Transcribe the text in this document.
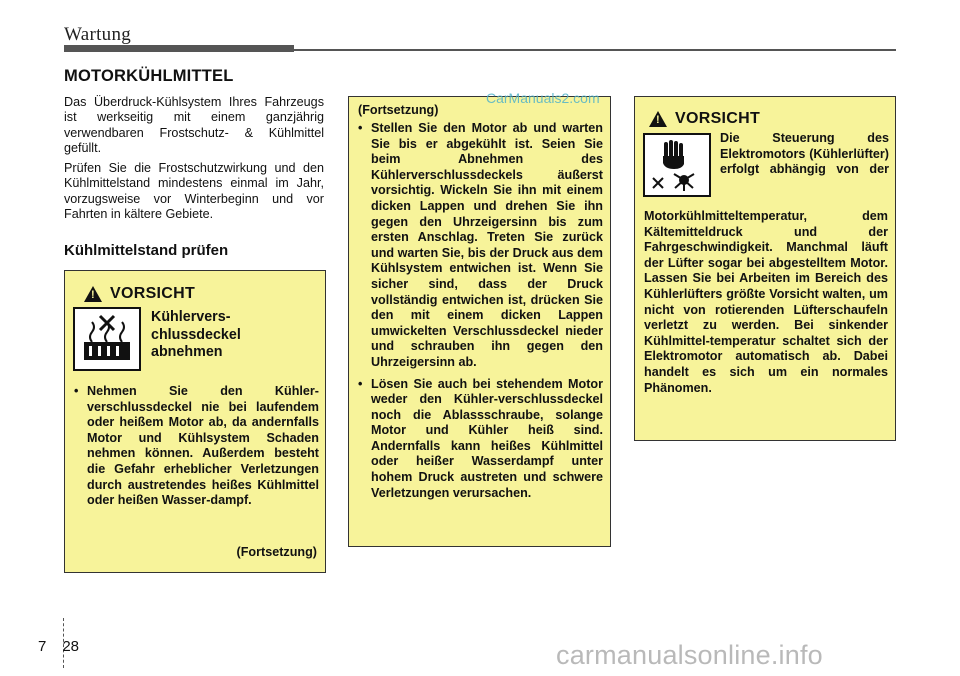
Wartung
MOTORKÜHLMITTEL

Das Überdruck-Kühlsystem Ihres Fahrzeugs ist werkseitig mit einem ganzjährig verwendbaren Frostschutz- & Kühlmittel gefüllt.

Prüfen Sie die Frostschutzwirkung und den Kühlmittelstand mindestens einmal im Jahr, vorzugsweise vor Winterbeginn und vor Fahrten in kältere Gebiete.

Kühlmittelstand prüfen
!
VORSICHT
Kühlervers-chlussdeckel abnehmen
• Nehmen Sie den Kühler-verschlussdeckel nie bei laufendem oder heißem Motor ab, da andernfalls Motor und Kühlsystem Schaden nehmen können. Außerdem besteht die Gefahr erheblicher Verletzungen durch austretendes heißes Kühlmittel oder heißen Wasser-dampf.
(Fortsetzung)
(Fortsetzung)
• Stellen Sie den Motor ab und warten Sie bis er abgekühlt ist. Seien Sie beim Abnehmen des Kühlerverschlussdeckels äußerst vorsichtig. Wickeln Sie ihn mit einem dicken Lappen und drehen Sie ihn gegen den Uhrzeigersinn bis zum ersten Anschlag. Treten Sie zurück und warten Sie, bis der Druck aus dem Kühlsystem entwichen ist. Wenn Sie sicher sind, dass der Druck vollständig entwichen ist, drücken Sie den mit einem dicken Lappen umwickelten Verschlussdeckel nieder und schrauben ihn gegen den Uhrzeigersinn ab.
• Lösen Sie auch bei stehendem Motor weder den Kühler-verschlussdeckel noch die Ablassschraube, solange Motor und Kühler heiß sind. Andernfalls kann heißes Kühlmittel oder heißer Wasserdampf unter hohem Druck austreten und schwere Verletzungen verursachen.
!
VORSICHT
Die Steuerung des Elektromotors (Kühlerlüfter) erfolgt abhängig von der
Motorkühlmitteltemperatur, dem Kältemitteldruck und der Fahrgeschwindigkeit. Manchmal läuft der Lüfter sogar bei abgestelltem Motor. Lassen Sie bei Arbeiten im Bereich des Kühlerlüfters größte Vorsicht walten, um nicht von rotierenden Lüfterschaufeln verletzt zu werden. Bei sinkender Kühlmittel-temperatur schaltet sich der Elektromotor automatisch ab. Dabei handelt es sich um ein normales Phänomen.
CarManuals2.com
carmanualsonline.info
7 28
